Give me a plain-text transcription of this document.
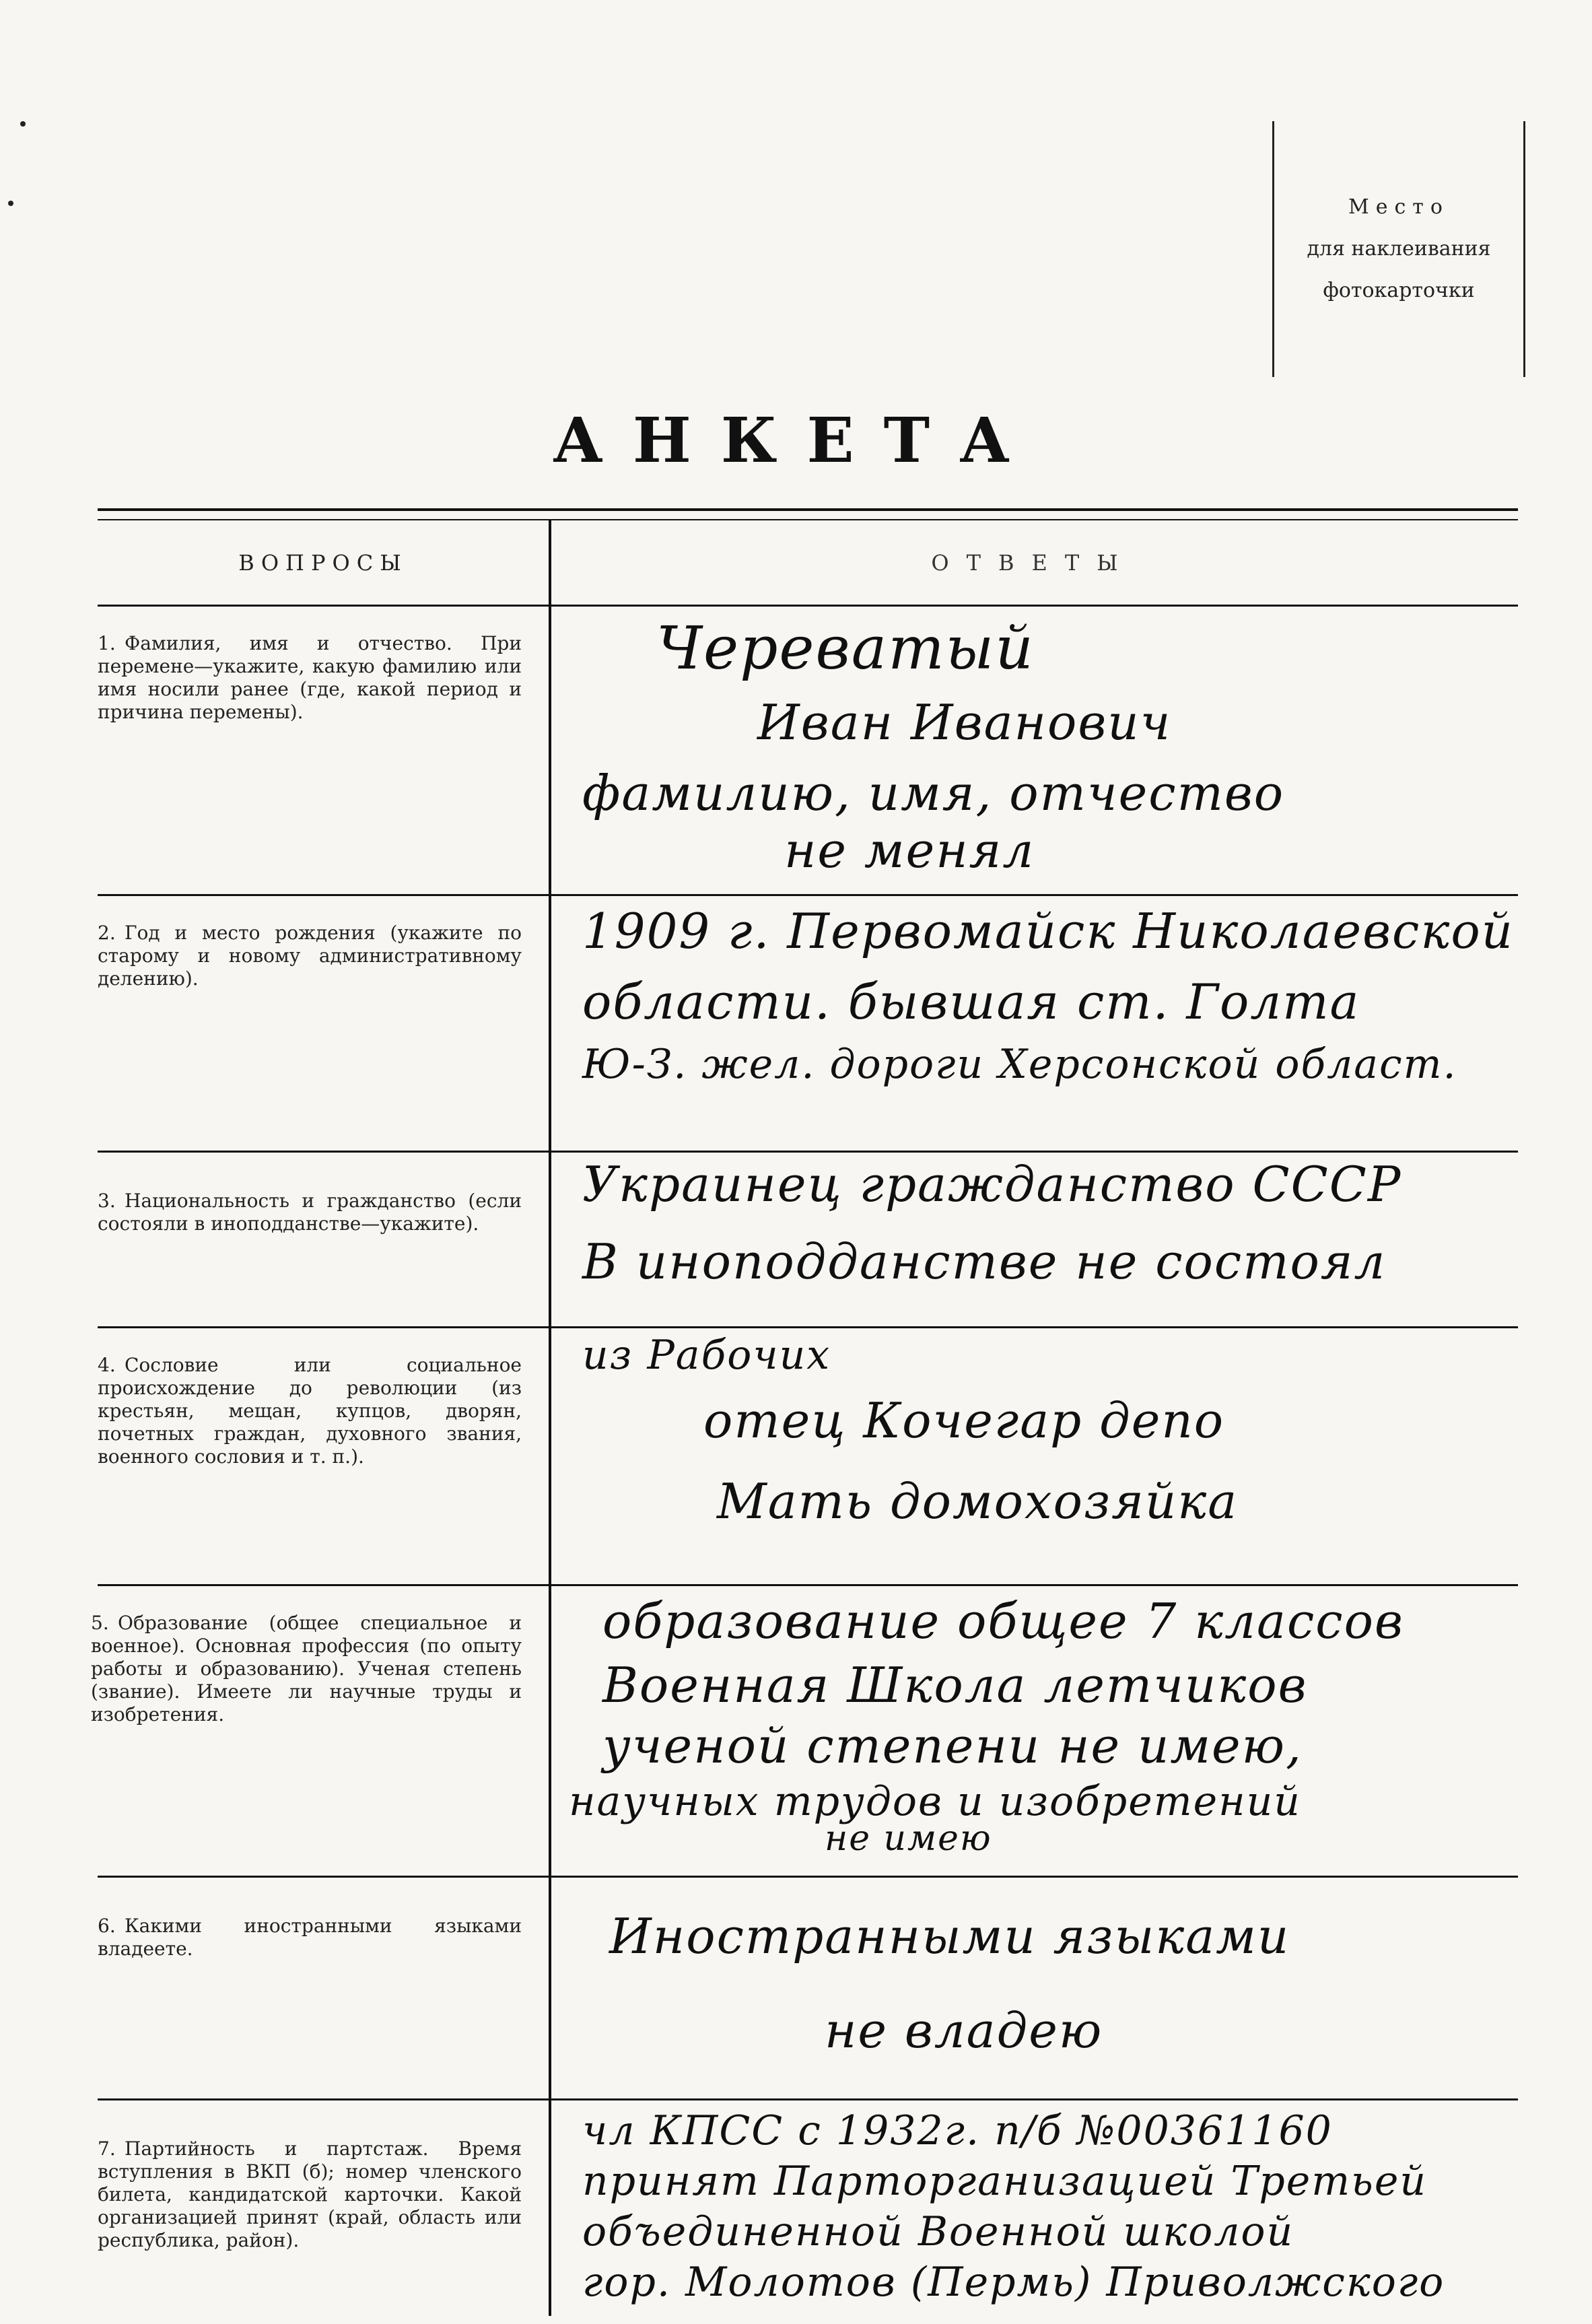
Место
для наклеивания
фотокарточки
АНКЕТА
ВОПРОСЫ	ОТВЕТЫ
1. Фамилия, имя и отчество. При перемене—укажите, какую фамилию или имя носили ранее (где, какой период и причина перемены).
Череватый
Иван Иванович
фамилию, имя, отчество
не менял
2. Год и место рождения (укажите по старому и новому административному делению).
1909 г. Первомайск Николаевской
области. бывшая ст. Голта
Ю-З. жел. дороги Херсонской област.
3. Национальность и гражданство (если состояли в иноподданстве—укажите).
Украинец гражданство СССР
В иноподданстве не состоял
4. Сословие или социальное происхождение до революции (из крестьян, мещан, купцов, дворян, почетных граждан, духовного звания, военного сословия и т. п.).
из Рабочих
отец Кочегар депо
Мать домохозяйка
5. Образование (общее специальное и военное). Основная профессия (по опыту работы и образованию). Ученая степень (звание). Имеете ли научные труды и изобретения.
образование общее 7 классов
Военная Школа летчиков
ученой степени не имею,
научных трудов и изобретений
не имею
6. Какими иностранными языками владеете.	Иностранными языками
не владею
7. Партийность и партстаж. Время вступления в ВКП (б); номер членского билета, кандидатской карточки. Какой организацией принят (край, область или республика, район).
чл КПСС с 1932г. п/б №00361160
принят Парторганизацией Третьей
объединенной Военной школой
гор. Молотов (Пермь) Приволжского
